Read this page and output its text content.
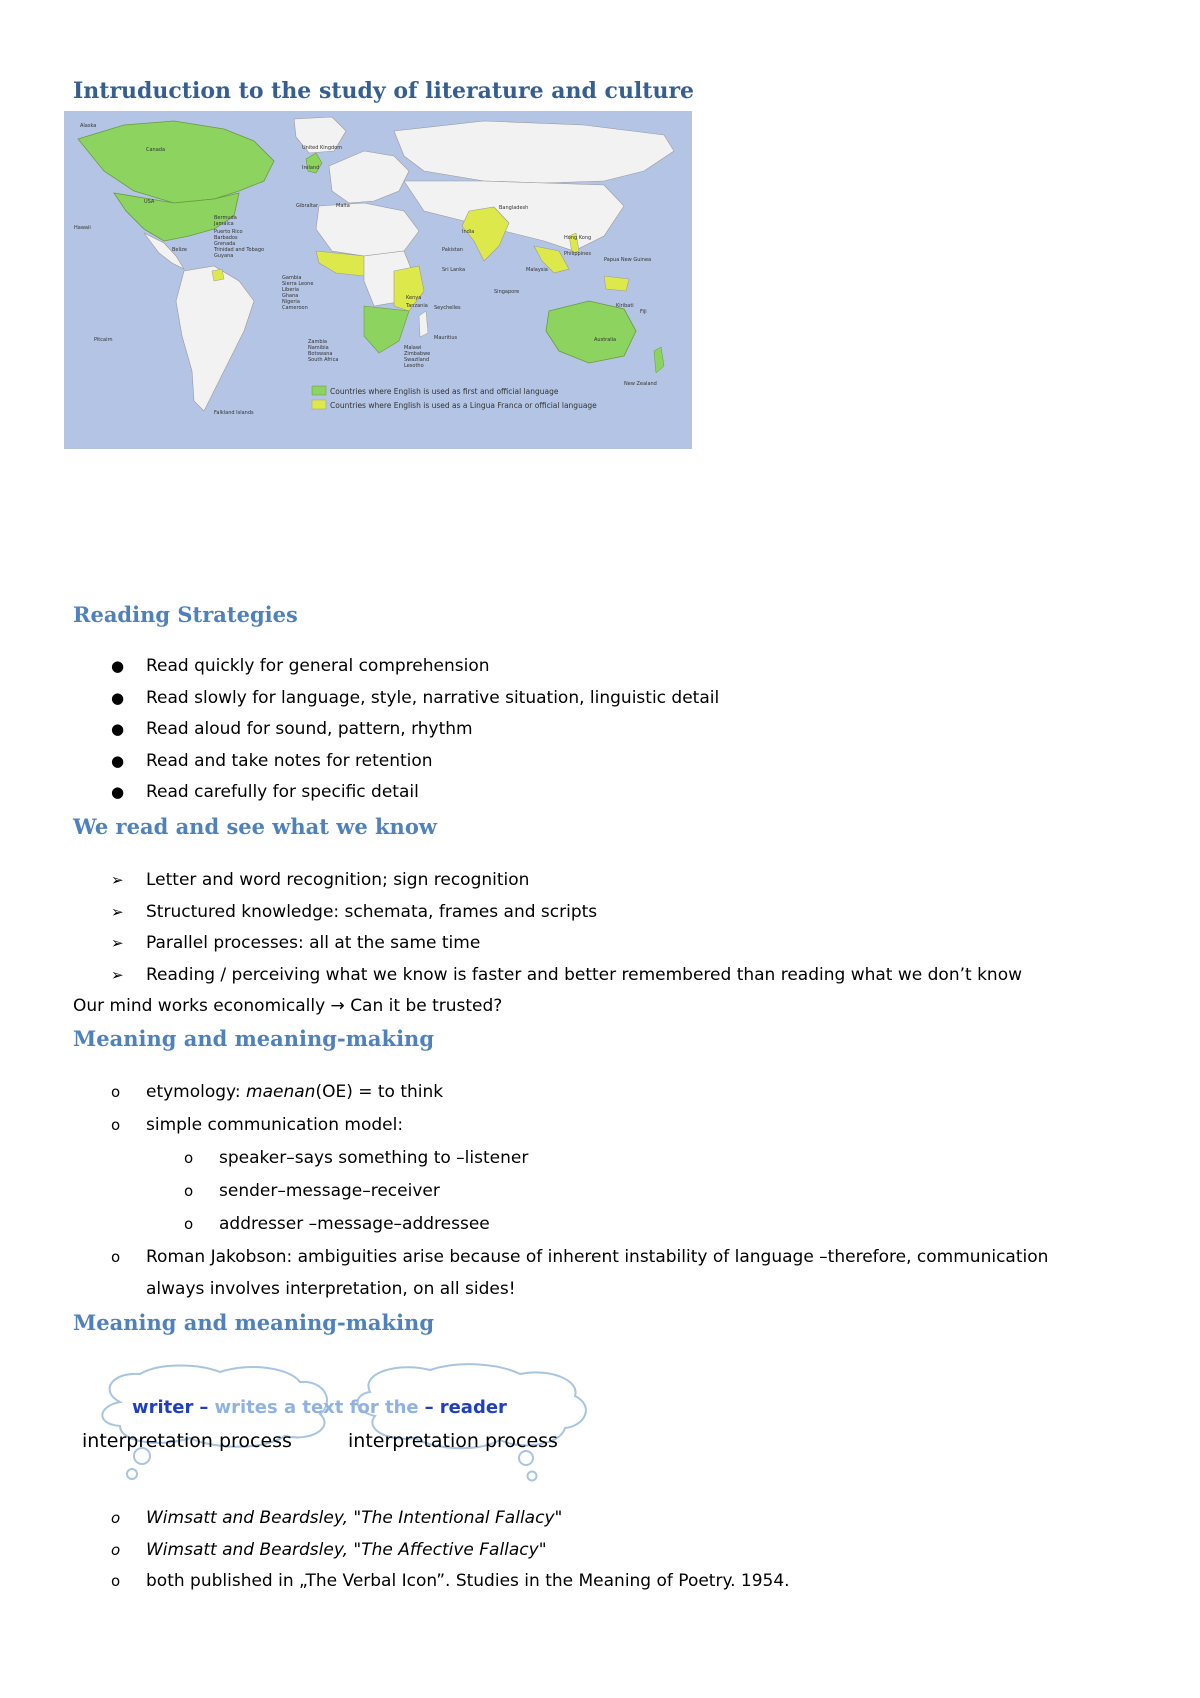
Intruduction to the study of literature and culture
Countries where English is used as first and official language
Countries where English is used as a Lingua Franca or official language
Alaska
Canada
USA
Hawaii
Belize
Bermuda
Jamaica
Puerto Rico
Barbados
Grenada
Trinidad and Tobago
Guyana
Falkland Islands
Pitcairn
United Kingdom
Ireland
Gibraltar	Malta
Gambia
Sierra Leone
Liberia
Ghana
Nigeria
Cameroon
Zambia
Namibia
Botswana
South Africa
Malawi
Zimbabwe
Swaziland
Lesotho
Kenya
Tanzania Seychelles
Mauritius
Pakistan
India
Bangladesh
Sri Lanka
Singapore
Malaysia
Hong Kong
Philippines
Papua New Guinea
Australia
Kiribati
Fiji
New Zealand
Reading Strategies
●	Read quickly for general comprehension
●	Read slowly for language, style, narrative situation, linguistic detail
●	Read aloud for sound, pattern, rhythm
●	Read and take notes for retention
●	Read carefully for specific detail
We read and see what we know
➢	Letter and word recognition; sign recognition
➢	Structured knowledge: schemata, frames and scripts
➢	Parallel processes: all at the same time
➢	Reading / perceiving what we know is faster and better remembered than reading what we don’t know
Our mind works economically → Can it be trusted?
Meaning and meaning-making
o	etymology: maenan(OE) = to think
o	simple communication model:
o	speaker–says something to –listener
o	sender–message–receiver
o	addresser –message–addressee
o	Roman Jakobson: ambiguities arise because of inherent instability of language –therefore, communication
always involves interpretation, on all sides!
Meaning and meaning-making
writer – writes a text for the – reader
interpretation process	interpretation process
o	Wimsatt and Beardsley, "The Intentional Fallacy"
o	Wimsatt and Beardsley, "The Affective Fallacy"
o	both published in „The Verbal Icon”. Studies in the Meaning of Poetry. 1954.
